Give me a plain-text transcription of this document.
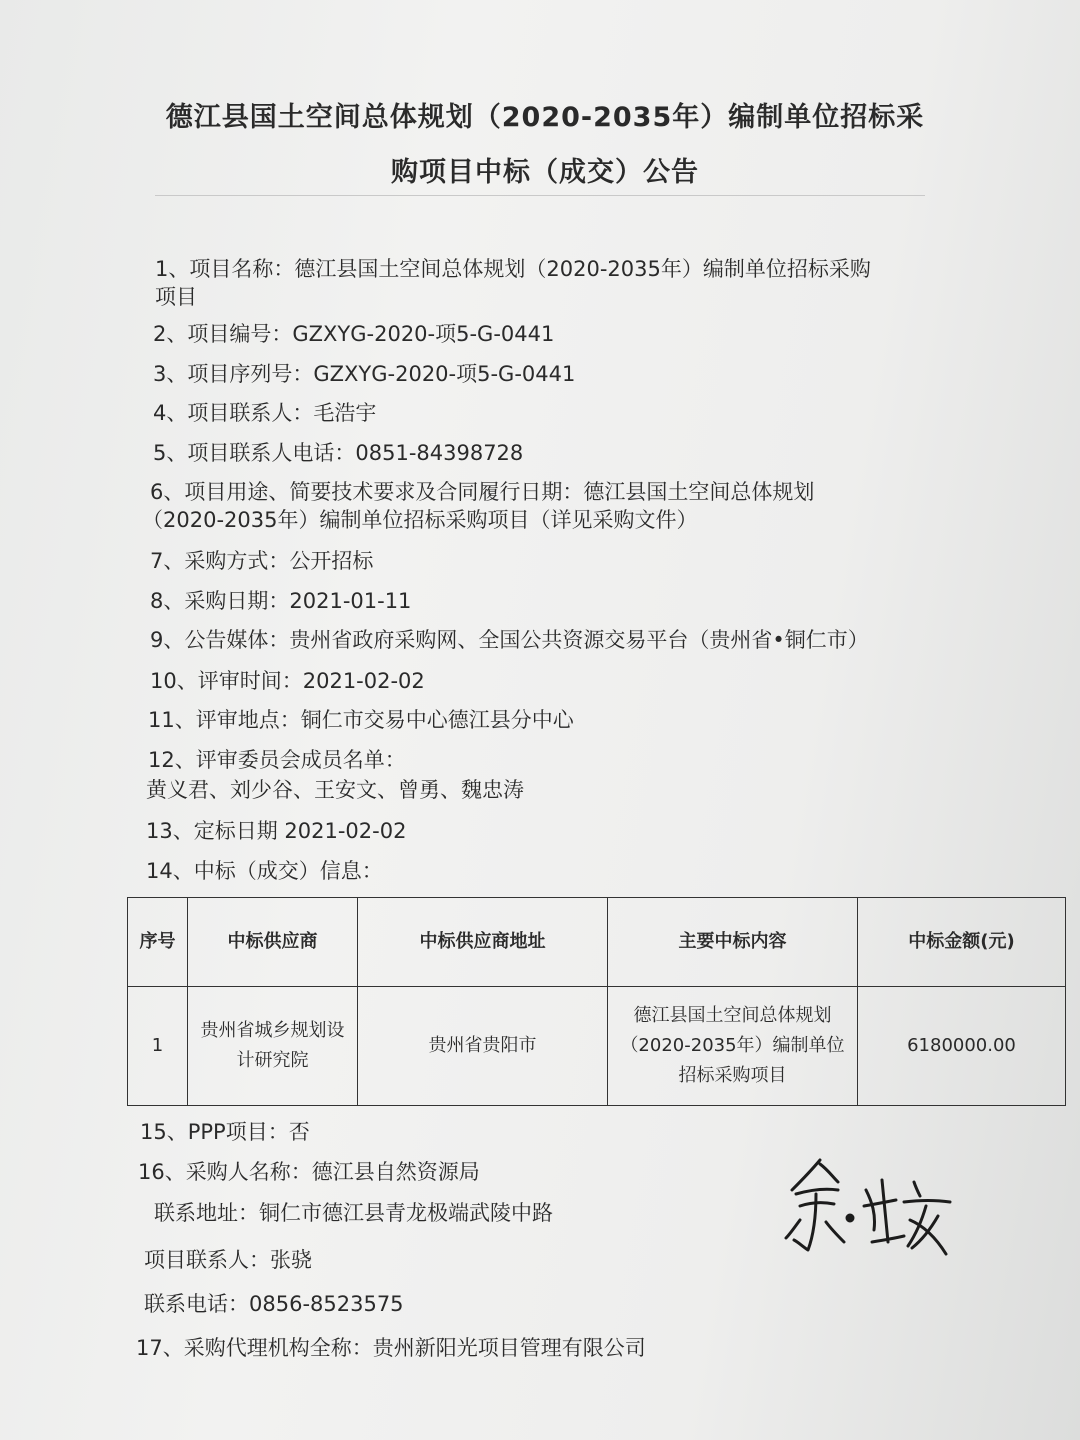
德江县国土空间总体规划（2020-2035年）编制单位招标采
购项目中标（成交）公告
1、项目名称：德江县国土空间总体规划（2020-2035年）编制单位招标采购
项目
2、项目编号：GZXYG-2020-项5-G-0441
3、项目序列号：GZXYG-2020-项5-G-0441
4、项目联系人：毛浩宇
5、项目联系人电话：0851-84398728
6、项目用途、简要技术要求及合同履行日期：德江县国土空间总体规划
（2020-2035年）编制单位招标采购项目（详见采购文件）
7、采购方式：公开招标
8、采购日期：2021-01-11
9、公告媒体：贵州省政府采购网、全国公共资源交易平台（贵州省•铜仁市）
10、评审时间：2021-02-02
11、评审地点：铜仁市交易中心德江县分中心
12、评审委员会成员名单：
黄义君、刘少谷、王安文、曾勇、魏忠涛
13、定标日期 2021-02-02
14、中标（成交）信息：
序号	中标供应商	中标供应商地址	主要中标内容	中标金额(元)
1	贵州省城乡规划设计研究院	贵州省贵阳市	德江县国土空间总体规划（2020-2035年）编制单位招标采购项目	6180000.00
15、PPP项目：否
16、采购人名称：德江县自然资源局
联系地址：铜仁市德江县青龙极端武陵中路
项目联系人：张骁
联系电话：0856-8523575
17、采购代理机构全称：贵州新阳光项目管理有限公司
